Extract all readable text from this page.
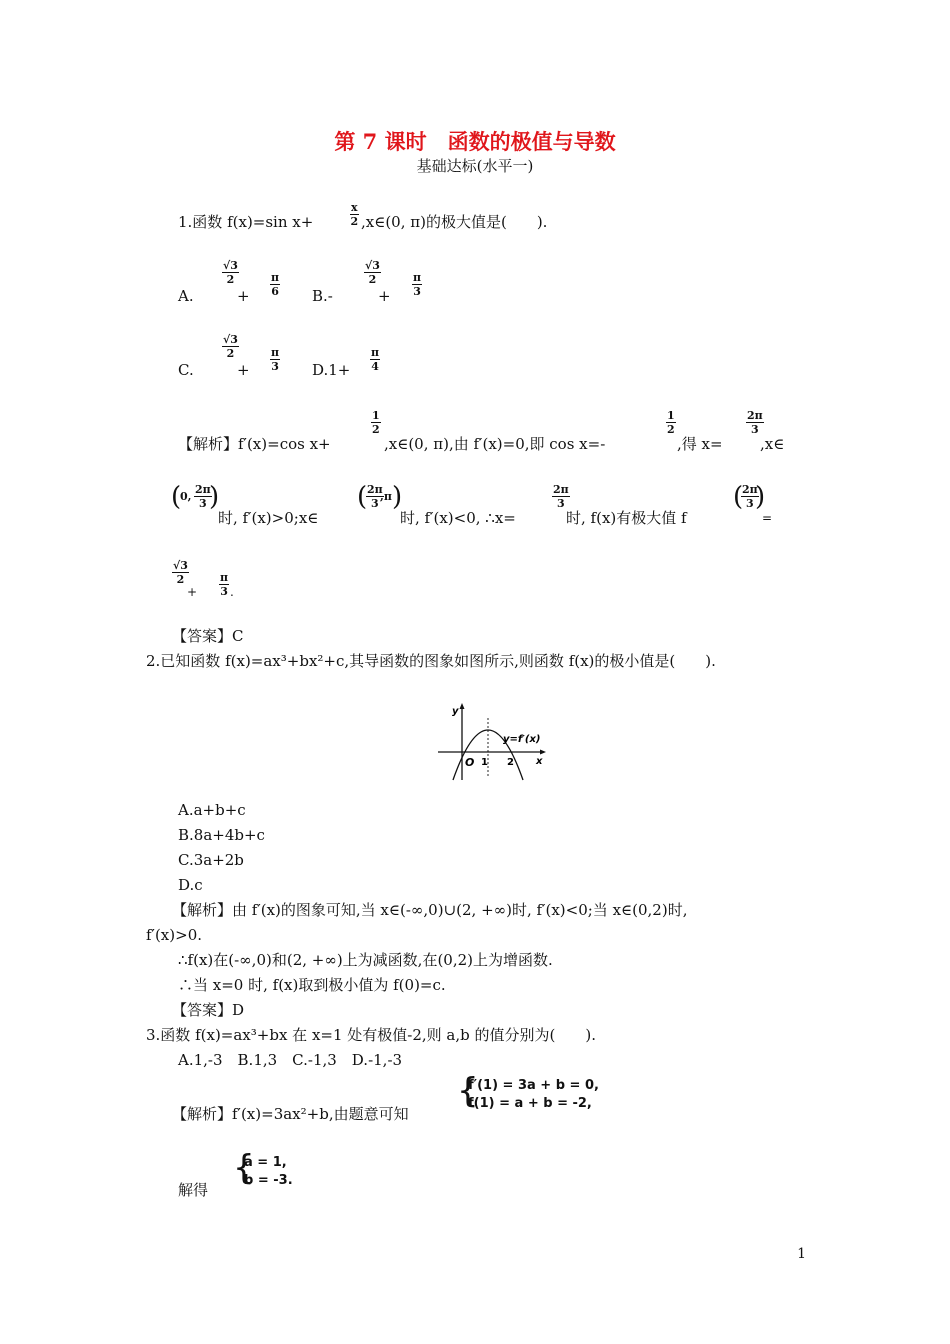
第 7 课时　函数的极值与导数
基础达标(水平一)
1.函数 f(x)=sin x+	$\frac{x}{2}$ ,x∈(0, π)的极大值是(　　).
A.
$\frac{√3}{2}$
+ $\frac{\pi}{6} B.-$
$\frac{√3}{2}$
+ $\frac{\pi}{3}$
C.
$\frac{√3}{2}$
+ $\frac{\pi}{3} D.1+ \frac{\pi}{4}$
【解析】f′(x)=cos x+
$\frac{1}{2}$
,x∈(0, π),由 f′(x)=0,即 cos x=-
$\frac{1}{2}$
,得 x=
$\frac{2\pi}{3}$
,x∈
(
0, $\frac{2\pi}{3}$
)
时, f′(x)>0;x∈
(
$\frac{2\pi}{3}$
,π )
时, f′(x)<0, ∴x=
$\frac{2\pi}{3}$
时, f(x)有极大值 f
(
$\frac{2\pi}{3}$
)
=
$\frac{√3}{2}$
+ $\frac{\pi}{3}$ .
【答案】C
2.已知函数 f(x)=ax³+bx²+c,其导函数的图象如图所示,则函数 f(x)的极小值是(　　).
y
x
O 1 2
y=f′(x)
A.a+b+c
B.8a+4b+c
C.3a+2b
D.c
【解析】由 f′(x)的图象可知,当 x∈(-∞,0)∪(2, +∞)时, f′(x)<0;当 x∈(0,2)时,
f′(x)>0.
∴f(x)在(-∞,0)和(2, +∞)上为减函数,在(0,2)上为增函数.
∴当 x=0 时, f(x)取到极小值为 f(0)=c.
【答案】D
3.函数 f(x)=ax³+bx 在 x=1 处有极值-2,则 a,b 的值分别为(　　).
A.1,-3　B.1,3　C.-1,3　D.-1,-3
【解析】f′(x)=3ax²+b,由题意可知
{
f′(1) = 3a + b = 0,
f(1) = a + b = -2,
解得
{
a = 1,
b = -3.
1
